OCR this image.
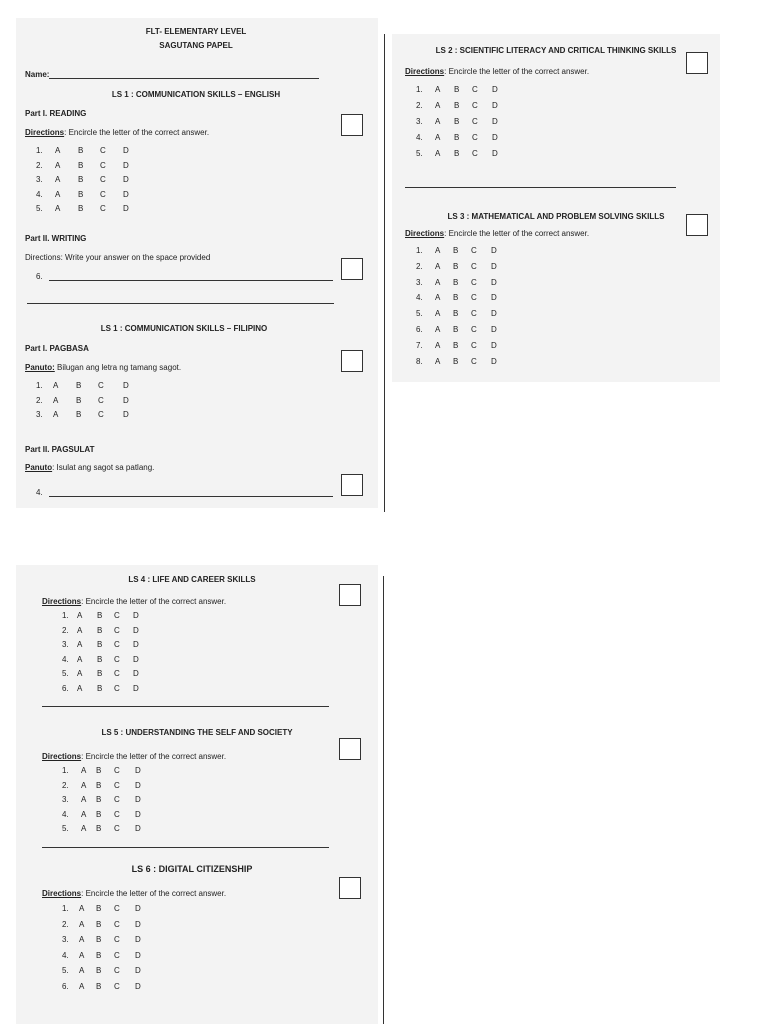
FLT- ELEMENTARY LEVEL
SAGUTANG PAPEL
Name:
LS 1 : COMMUNICATION SKILLS – ENGLISH
Part I. READING
Directions: Encircle the letter of the correct answer.
1. A B C D
2. A B C D
3. A B C D
4. A B C D
5. A B C D
Part II. WRITING
Directions: Write your answer on the space provided
6.
LS 1 : COMMUNICATION SKILLS – FILIPINO
Part I. PAGBASA
Panuto: Bilugan ang letra ng tamang sagot.
1. A B C D
2. A B C D
3. A B C D
Part II. PAGSULAT
Panuto: Isulat ang sagot sa patlang.
4.
LS 2 : SCIENTIFIC LITERACY AND CRITICAL THINKING SKILLS
Directions: Encircle the letter of the correct answer.
1. A B C D
2. A B C D
3. A B C D
4. A B C D
5. A B C D
LS 3 : MATHEMATICAL AND PROBLEM SOLVING SKILLS
Directions: Encircle the letter of the correct answer.
1. A B C D
2. A B C D
3. A B C D
4. A B C D
5. A B C D
6. A B C D
7. A B C D
8. A B C D
LS 4 : LIFE AND CAREER SKILLS
Directions: Encircle the letter of the correct answer.
1. A B C D
2. A B C D
3. A B C D
4. A B C D
5. A B C D
6. A B C D
LS 5 : UNDERSTANDING THE SELF AND SOCIETY
Directions: Encircle the letter of the correct answer.
1. A B C D
2. A B C D
3. A B C D
4. A B C D
5. A B C D
LS 6 : DIGITAL CITIZENSHIP
Directions: Encircle the letter of the correct answer.
1. A B C D
2. A B C D
3. A B C D
4. A B C D
5. A B C D
6. A B C D
